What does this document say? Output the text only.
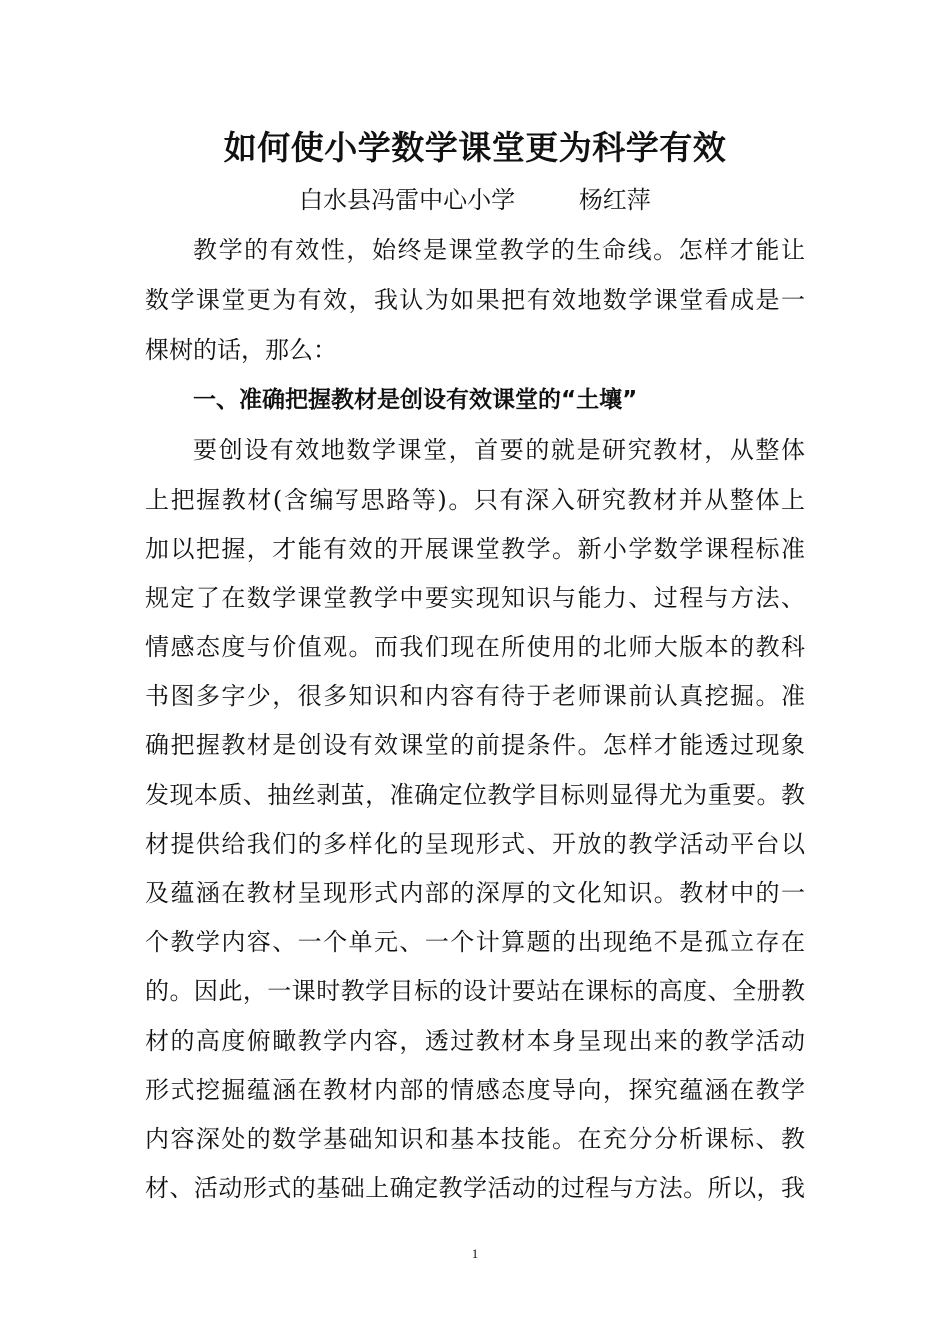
如何使小学数学课堂更为科学有效
白水县冯雷中心小学	杨红萍
教学的有效性，始终是课堂教学的生命线。怎样才能让
数学课堂更为有效，我认为如果把有效地数学课堂看成是一
棵树的话，那么：
一、准确把握教材是创设有效课堂的“土壤”
要创设有效地数学课堂，首要的就是研究教材，从整体
上把握教材(含编写思路等)。只有深入研究教材并从整体上
加以把握，才能有效的开展课堂教学。新小学数学课程标准
规定了在数学课堂教学中要实现知识与能力、过程与方法、
情感态度与价值观。而我们现在所使用的北师大版本的教科
书图多字少，很多知识和内容有待于老师课前认真挖掘。准
确把握教材是创设有效课堂的前提条件。怎样才能透过现象
发现本质、抽丝剥茧，准确定位教学目标则显得尤为重要。教
材提供给我们的多样化的呈现形式、开放的教学活动平台以
及蕴涵在教材呈现形式内部的深厚的文化知识。教材中的一
个教学内容、一个单元、一个计算题的出现绝不是孤立存在
的。因此，一课时教学目标的设计要站在课标的高度、全册教
材的高度俯瞰教学内容，透过教材本身呈现出来的教学活动
形式挖掘蕴涵在教材内部的情感态度导向，探究蕴涵在教学
内容深处的数学基础知识和基本技能。在充分分析课标、教
材、活动形式的基础上确定教学活动的过程与方法。所以，我
1
